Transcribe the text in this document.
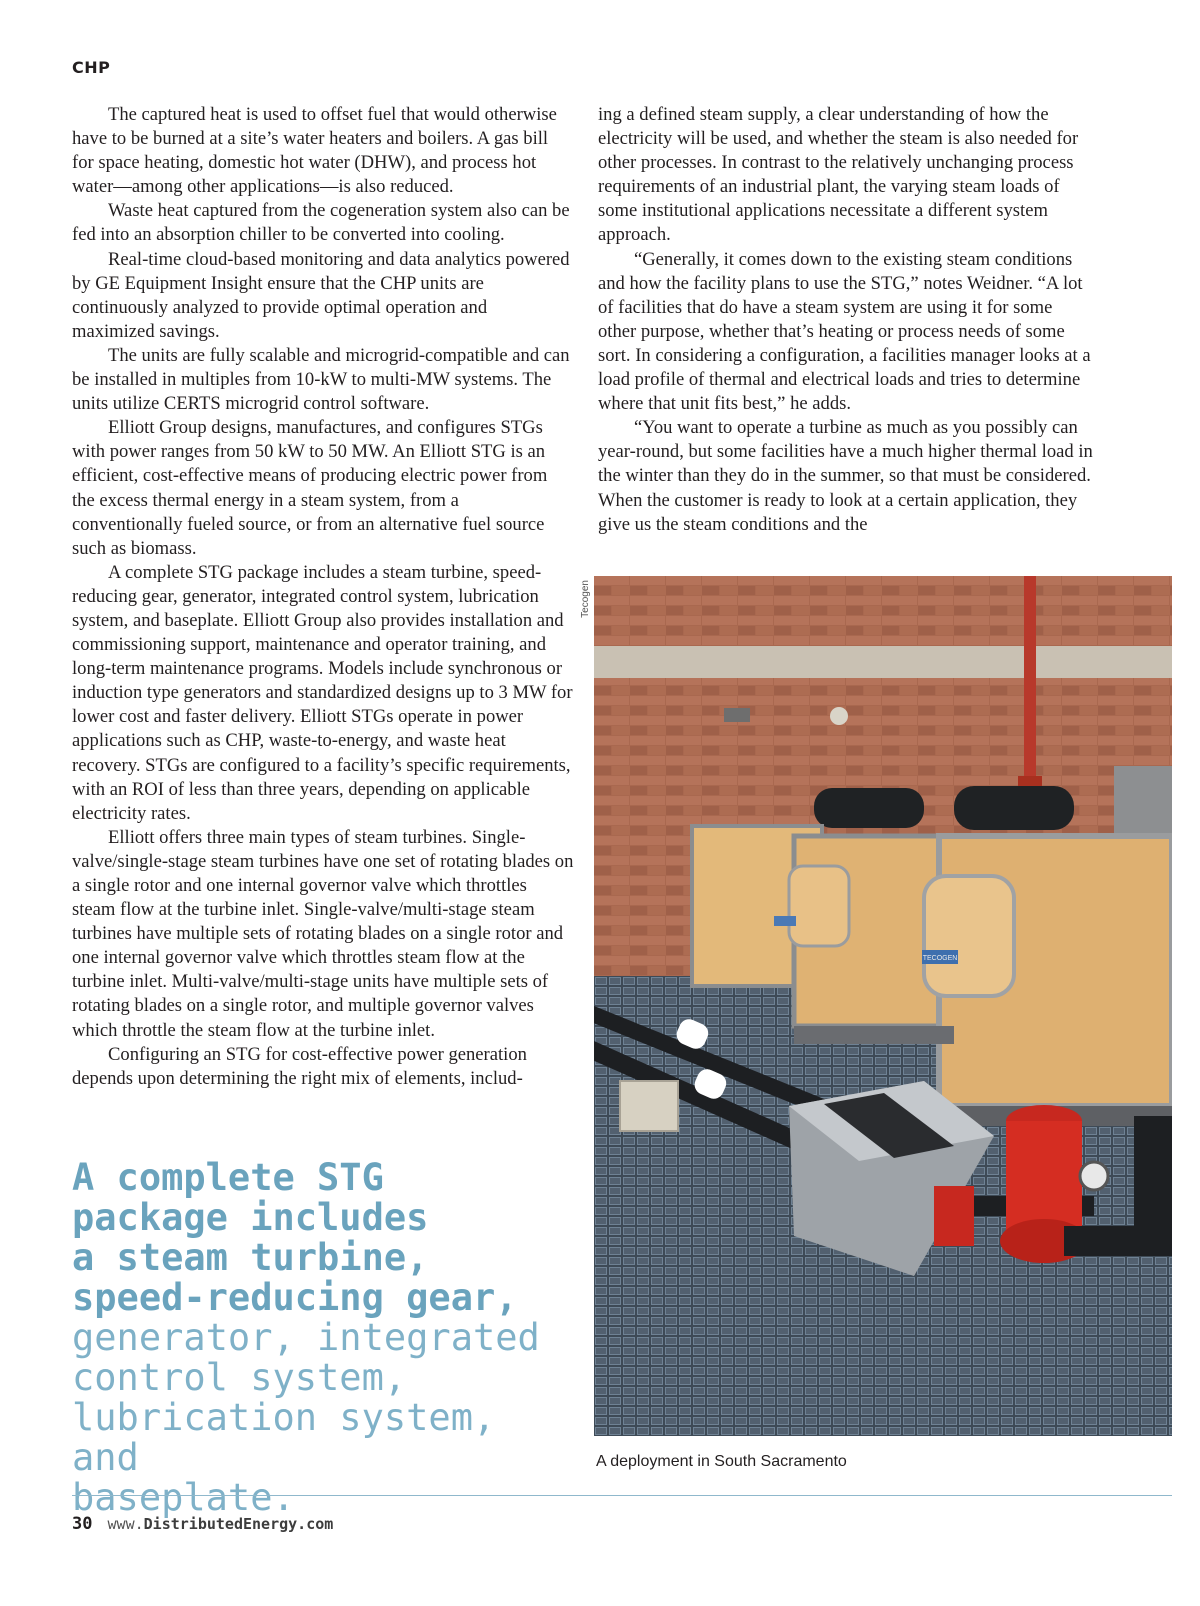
CHP

The captured heat is used to offset fuel that would otherwise have to be burned at a site’s water heaters and boilers. A gas bill for space heating, domestic hot water (DHW), and process hot water—among other applications—is also reduced.

Waste heat captured from the cogeneration system also can be fed into an absorption chiller to be converted into cooling.

Real-time cloud-based monitoring and data analytics powered by GE Equipment Insight ensure that the CHP units are continuously analyzed to provide optimal operation and maximized savings.

The units are fully scalable and microgrid-compatible and can be installed in multiples from 10-kW to multi-MW systems. The units utilize CERTS microgrid control software.

Elliott Group designs, manufactures, and configures STGs with power ranges from 50 kW to 50 MW. An Elliott STG is an efficient, cost-effective means of producing electric power from the excess thermal energy in a steam system, from a conventionally fueled source, or from an alternative fuel source such as biomass.

A complete STG package includes a steam turbine, speed-reducing gear, generator, integrated control system, lubrication system, and baseplate. Elliott Group also provides installation and commissioning support, maintenance and operator training, and long-term maintenance programs. Models include synchronous or induction type generators and standardized designs up to 3 MW for lower cost and faster delivery. Elliott STGs operate in power applications such as CHP, waste-to-energy, and waste heat recovery. STGs are configured to a facility’s specific requirements, with an ROI of less than three years, depending on applicable electricity rates.

Elliott offers three main types of steam turbines. Single-valve/single-stage steam turbines have one set of rotating blades on a single rotor and one internal governor valve which throttles steam flow at the turbine inlet. Single-valve/multi-stage steam turbines have multiple sets of rotating blades on a single rotor and one internal governor valve which throttles steam flow at the turbine inlet. Multi-valve/multi-stage units have multiple sets of rotating blades on a single rotor, and multiple governor valves which throttle the steam flow at the turbine inlet.

Configuring an STG for cost-effective power generation depends upon determining the right mix of elements, includ-

ing a defined steam supply, a clear understanding of how the electricity will be used, and whether the steam is also needed for other processes. In contrast to the relatively unchanging process requirements of an industrial plant, the varying steam loads of some institutional applications necessitate a different system approach.

“Generally, it comes down to the existing steam conditions and how the facility plans to use the STG,” notes Weidner. “A lot of facilities that do have a steam system are using it for some other purpose, whether that’s heating or process needs of some sort. In considering a configuration, a facilities manager looks at a load profile of thermal and electrical loads and tries to determine where that unit fits best,” he adds.

“You want to operate a turbine as much as you possibly can year-round, but some facilities have a much higher thermal load in the winter than they do in the summer, so that must be considered. When the customer is ready to look at a certain application, they give us the steam conditions and the

A complete STG
package includes
a steam turbine,
speed-reducing gear,
generator, integrated
control system,
lubrication system, and
baseplate.
Tecogen
TECOGEN
A deployment in South Sacramento
30 www.DistributedEnergy.com
